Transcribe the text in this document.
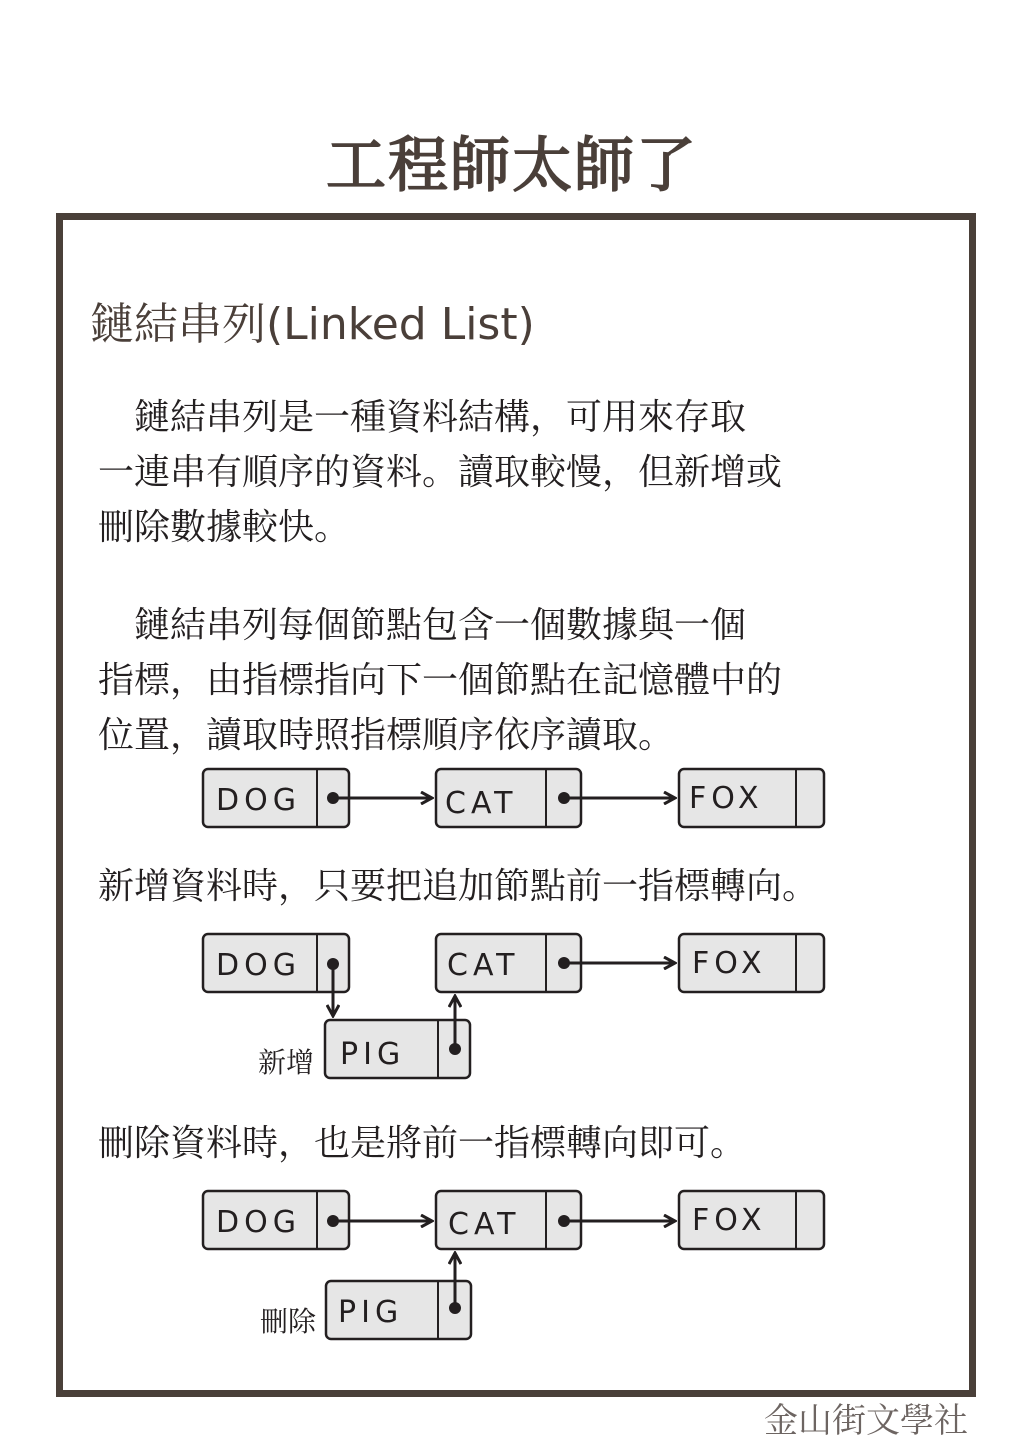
工程師太師了
鏈結串列(Linked List)
　鏈結串列是一種資料結構，可用來存取
一連串有順序的資料。讀取較慢，但新增或
刪除數據較快。
　鏈結串列每個節點包含一個數據與一個
指標，由指標指向下一個節點在記憶體中的
位置，讀取時照指標順序依序讀取。
新增資料時，只要把追加節點前一指標轉向。
刪除資料時，也是將前一指標轉向即可。
DOG	CAT	FOX
DOG	CAT	FOX
PIG
新增
DOG	CAT	FOX
PIG
刪除
金山街文學社
